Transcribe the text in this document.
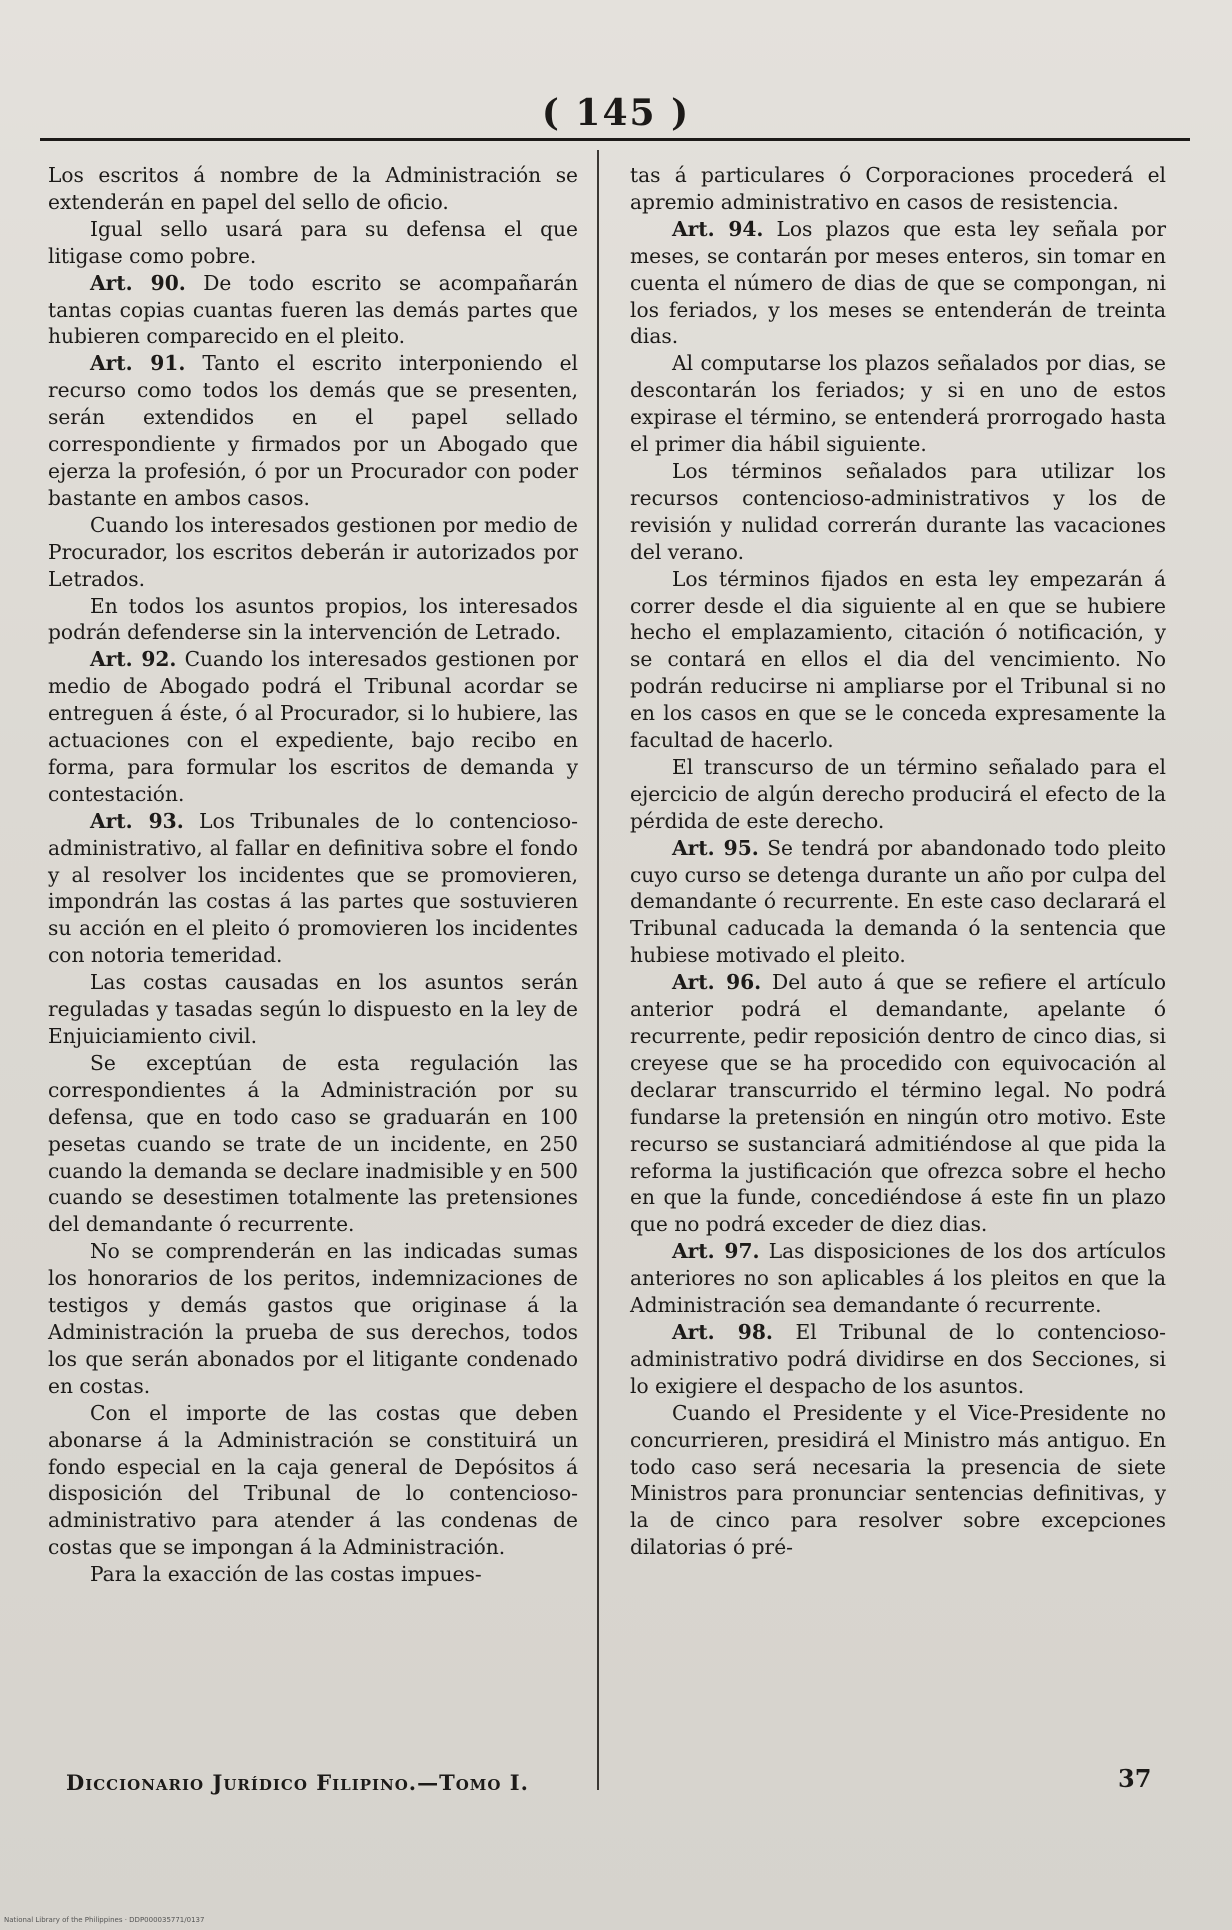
( 145 )

Los escritos á nombre de la Administración se extenderán en papel del sello de oficio.

Igual sello usará para su defensa el que litigase como pobre.

Art. 90. De todo escrito se acompañarán tantas copias cuantas fueren las demás partes que hubieren comparecido en el pleito.

Art. 91. Tanto el escrito interponiendo el recurso como todos los demás que se presenten, serán extendidos en el papel sellado correspondiente y firmados por un Abogado que ejerza la profesión, ó por un Procurador con poder bastante en ambos casos.

Cuando los interesados gestionen por medio de Procurador, los escritos deberán ir autorizados por Letrados.

En todos los asuntos propios, los interesados podrán defenderse sin la intervención de Letrado.

Art. 92. Cuando los interesados gestionen por medio de Abogado podrá el Tribunal acordar se entreguen á éste, ó al Procurador, si lo hubiere, las actuaciones con el expediente, bajo recibo en forma, para formular los escritos de demanda y contestación.

Art. 93. Los Tribunales de lo contencioso-administrativo, al fallar en definitiva sobre el fondo y al resolver los incidentes que se promovieren, impondrán las costas á las partes que sostuvieren su acción en el pleito ó promovieren los incidentes con notoria temeridad.

Las costas causadas en los asuntos serán reguladas y tasadas según lo dispuesto en la ley de Enjuiciamiento civil.

Se exceptúan de esta regulación las correspondientes á la Administración por su defensa, que en todo caso se graduarán en 100 pesetas cuando se trate de un incidente, en 250 cuando la demanda se declare inadmisible y en 500 cuando se desestimen totalmente las pretensiones del demandante ó recurrente.

No se comprenderán en las indicadas sumas los honorarios de los peritos, indemnizaciones de testigos y demás gastos que originase á la Administración la prueba de sus derechos, todos los que serán abonados por el litigante condenado en costas.

Con el importe de las costas que deben abonarse á la Administración se constituirá un fondo especial en la caja general de Depósitos á disposición del Tribunal de lo contencioso-administrativo para atender á las condenas de costas que se impongan á la Administración.

Para la exacción de las costas impues-

tas á particulares ó Corporaciones procederá el apremio administrativo en casos de resistencia.

Art. 94. Los plazos que esta ley señala por meses, se contarán por meses enteros, sin tomar en cuenta el número de dias de que se compongan, ni los feriados, y los meses se entenderán de treinta dias.

Al computarse los plazos señalados por dias, se descontarán los feriados; y si en uno de estos expirase el término, se entenderá prorrogado hasta el primer dia hábil siguiente.

Los términos señalados para utilizar los recursos contencioso-administrativos y los de revisión y nulidad correrán durante las vacaciones del verano.

Los términos fijados en esta ley empezarán á correr desde el dia siguiente al en que se hubiere hecho el emplazamiento, citación ó notificación, y se contará en ellos el dia del vencimiento. No podrán reducirse ni ampliarse por el Tribunal si no en los casos en que se le conceda expresamente la facultad de hacerlo.

El transcurso de un término señalado para el ejercicio de algún derecho producirá el efecto de la pérdida de este derecho.

Art. 95. Se tendrá por abandonado todo pleito cuyo curso se detenga durante un año por culpa del demandante ó recurrente. En este caso declarará el Tribunal caducada la demanda ó la sentencia que hubiese motivado el pleito.

Art. 96. Del auto á que se refiere el artículo anterior podrá el demandante, apelante ó recurrente, pedir reposición dentro de cinco dias, si creyese que se ha procedido con equivocación al declarar transcurrido el término legal. No podrá fundarse la pretensión en ningún otro motivo. Este recurso se sustanciará admitiéndose al que pida la reforma la justificación que ofrezca sobre el hecho en que la funde, concediéndose á este fin un plazo que no podrá exceder de diez dias.

Art. 97. Las disposiciones de los dos artículos anteriores no son aplicables á los pleitos en que la Administración sea demandante ó recurrente.

Art. 98. El Tribunal de lo contencioso-administrativo podrá dividirse en dos Secciones, si lo exigiere el despacho de los asuntos.

Cuando el Presidente y el Vice-Presidente no concurrieren, presidirá el Ministro más antiguo. En todo caso será necesaria la presencia de siete Ministros para pronunciar sentencias definitivas, y la de cinco para resolver sobre excepciones dilatorias ó pré-

Diccionario Jurídico Filipino.—Tomo I.	37
National Library of the Philippines · DDP000035771/0137
